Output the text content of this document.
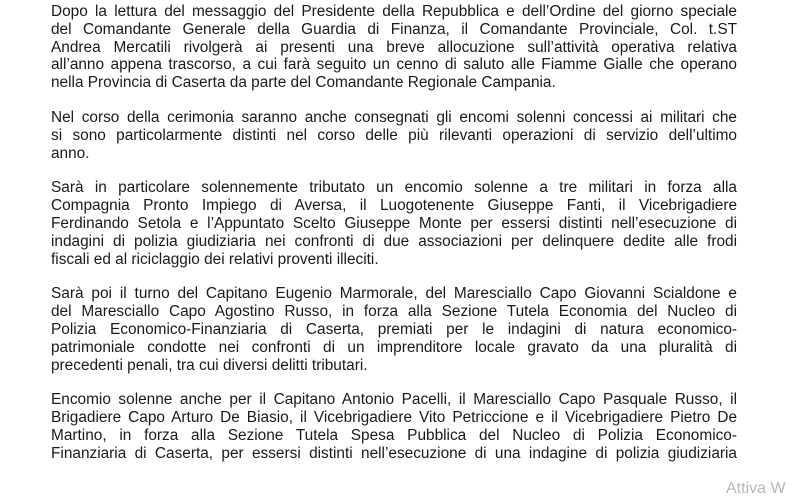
Dopo la lettura del messaggio del Presidente della Repubblica e dell’Ordine del giorno speciale
del Comandante Generale della Guardia di Finanza, il Comandante Provinciale, Col. t.ST
Andrea Mercatili rivolgerà ai presenti una breve allocuzione sull’attività operativa relativa
all’anno appena trascorso, a cui farà seguito un cenno di saluto alle Fiamme Gialle che operano
nella Provincia di Caserta da parte del Comandante Regionale Campania.

Nel corso della cerimonia saranno anche consegnati gli encomi solenni concessi ai militari che
si sono particolarmente distinti nel corso delle più rilevanti operazioni di servizio dell’ultimo
anno.

Sarà in particolare solennemente tributato un encomio solenne a tre militari in forza alla
Compagnia Pronto Impiego di Aversa, il Luogotenente Giuseppe Fanti, il Vicebrigadiere
Ferdinando Setola e l’Appuntato Scelto Giuseppe Monte per essersi distinti nell’esecuzione di
indagini di polizia giudiziaria nei confronti di due associazioni per delinquere dedite alle frodi
fiscali ed al riciclaggio dei relativi proventi illeciti.

Sarà poi il turno del Capitano Eugenio Marmorale, del Maresciallo Capo Giovanni Scialdone e
del Maresciallo Capo Agostino Russo, in forza alla Sezione Tutela Economia del Nucleo di
Polizia Economico-Finanziaria di Caserta, premiati per le indagini di natura economico-
patrimoniale condotte nei confronti di un imprenditore locale gravato da una pluralità di
precedenti penali, tra cui diversi delitti tributari.

Encomio solenne anche per il Capitano Antonio Pacelli, il Maresciallo Capo Pasquale Russo, il
Brigadiere Capo Arturo De Biasio, il Vicebrigadiere Vito Petriccione e il Vicebrigadiere Pietro De
Martino, in forza alla Sezione Tutela Spesa Pubblica del Nucleo di Polizia Economico-
Finanziaria di Caserta, per essersi distinti nell’esecuzione di una indagine di polizia giudiziaria

Attiva W
